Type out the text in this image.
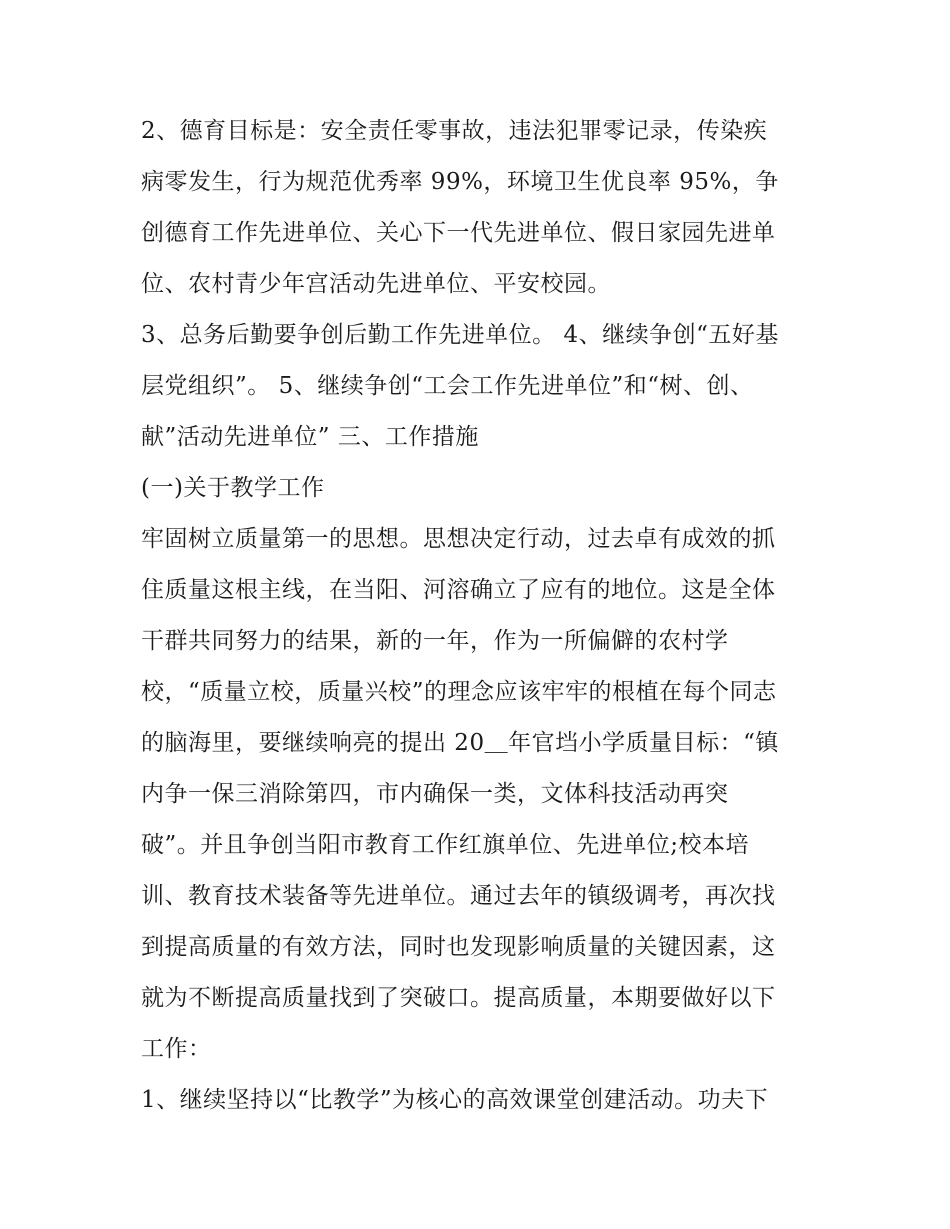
2、德育目标是：安全责任零事故，违法犯罪零记录，传染疾
病零发生，行为规范优秀率 99%，环境卫生优良率 95%，争
创德育工作先进单位、关心下一代先进单位、假日家园先进单
位、农村青少年宫活动先进单位、平安校园。
3、总务后勤要争创后勤工作先进单位。 4、继续争创“五好基
层党组织”。 5、继续争创“工会工作先进单位”和“树、创、
献”活动先进单位” 三、工作措施
(一)关于教学工作
牢固树立质量第一的思想。思想决定行动，过去卓有成效的抓
住质量这根主线，在当阳、河溶确立了应有的地位。这是全体
干群共同努力的结果，新的一年，作为一所偏僻的农村学
校，“质量立校，质量兴校”的理念应该牢牢的根植在每个同志
的脑海里，要继续响亮的提出 20＿年官垱小学质量目标：“镇
内争一保三消除第四，市内确保一类，文体科技活动再突
破”。并且争创当阳市教育工作红旗单位、先进单位;校本培
训、教育技术装备等先进单位。通过去年的镇级调考，再次找
到提高质量的有效方法，同时也发现影响质量的关键因素，这
就为不断提高质量找到了突破口。提高质量，本期要做好以下
工作：
1、继续坚持以“比教学”为核心的高效课堂创建活动。功夫下
